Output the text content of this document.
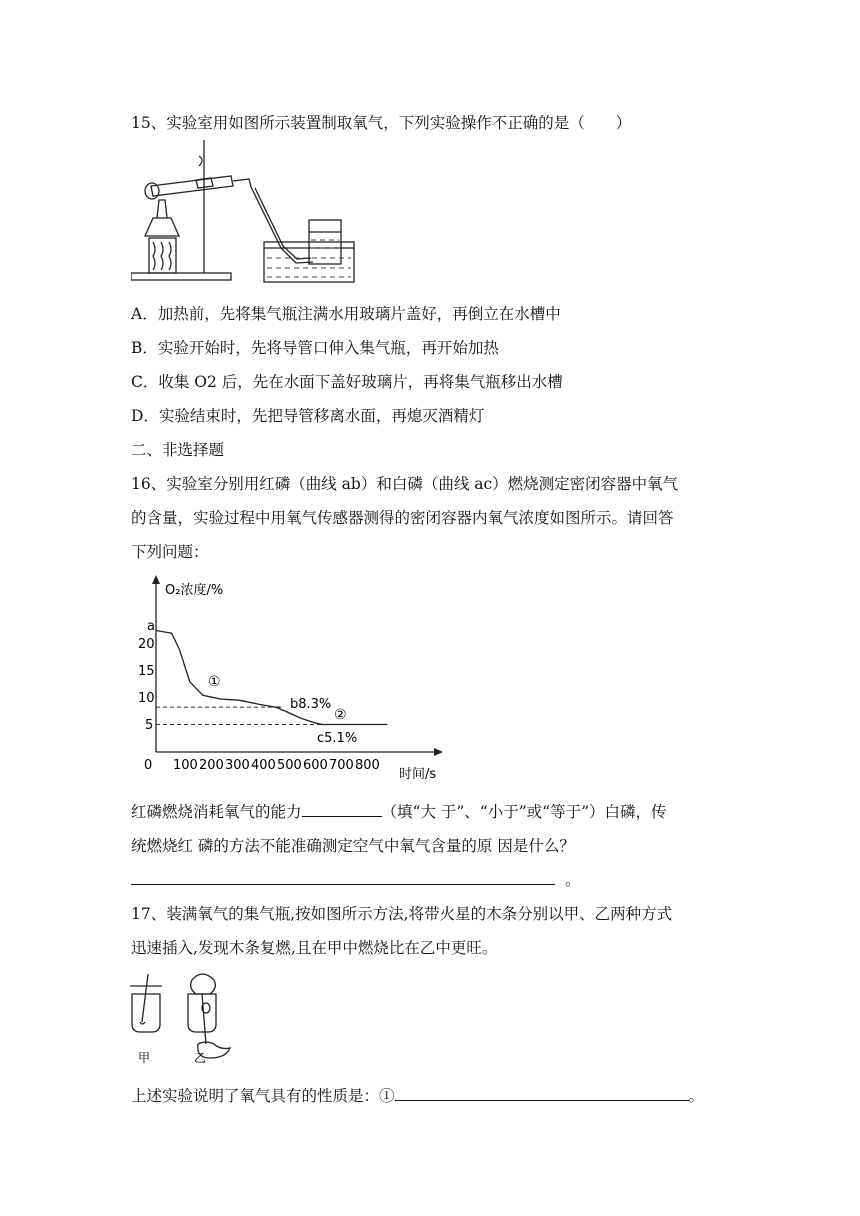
15、实验室用如图所示装置制取氧气，下列实验操作不正确的是（　　）
A．加热前，先将集气瓶注满水用玻璃片盖好，再倒立在水槽中
B．实验开始时，先将导管口伸入集气瓶，再开始加热
C．收集 O2 后，先在水面下盖好玻璃片，再将集气瓶移出水槽
D．实验结束时，先把导管移离水面，再熄灭酒精灯
二、非选择题
16、实验室分别用红磷（曲线 ab）和白磷（曲线 ac）燃烧测定密闭容器中氧气
的含量，实验过程中用氧气传感器测得的密闭容器内氧气浓度如图所示。请回答
下列问题：
O₂浓度/%
时间/s
0 100 200 300 400 500 600 700 800
5
10
15
20
a
b8.3%
c5.1%
①
②
红磷燃烧消耗氧气的能力	（填“大 于”、“小于”或“等于”）白磷，传
统燃烧红 磷的方法不能准确测定空气中氧气含量的原 因是什么？
。
17、装满氧气的集气瓶,按如图所示方法,将带火星的木条分别以甲、乙两种方式
迅速插入,发现木条复燃,且在甲中燃烧比在乙中更旺。
甲	乙
上述实验说明了氧气具有的性质是：①	。
